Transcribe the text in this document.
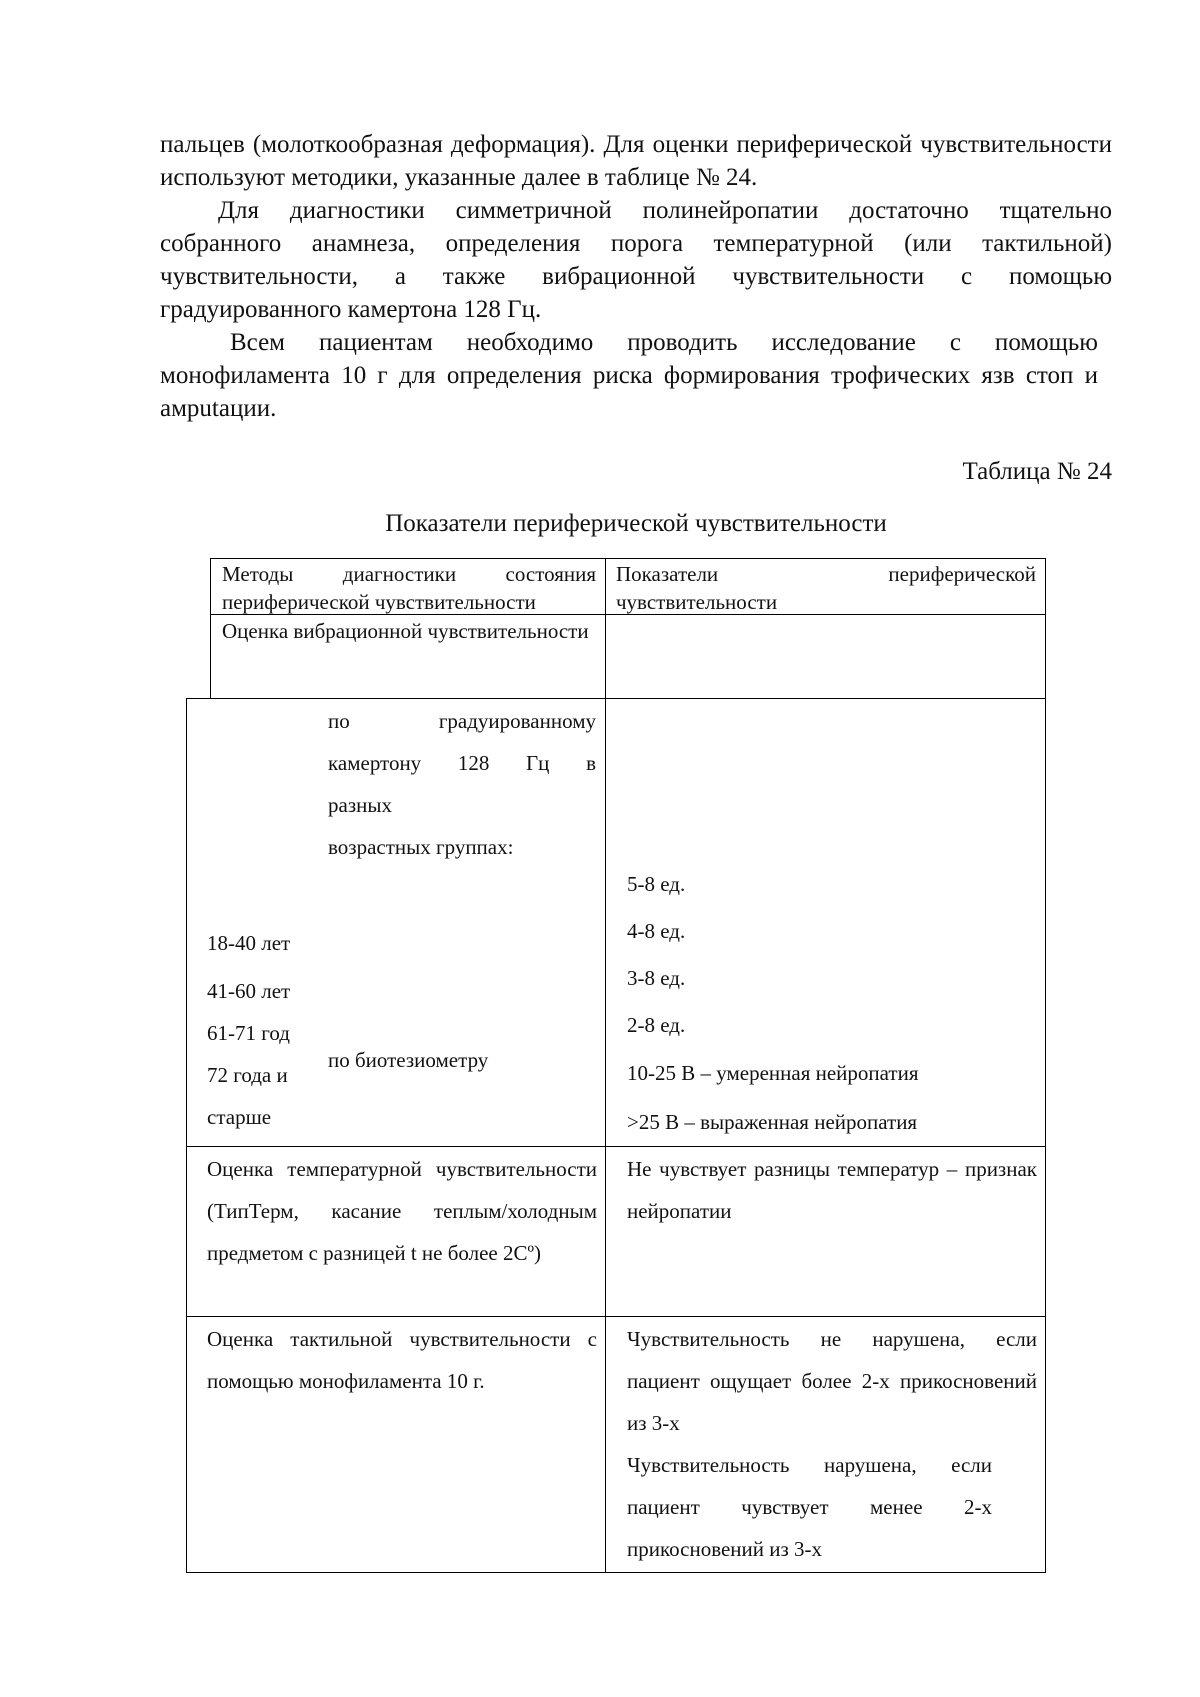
пальцев (молоткообразная деформация). Для оценки периферической чувствительности используют методики, указанные далее в таблице № 24.

Для диагностики симметричной полинейропатии достаточно тщательно собранного анамнеза, определения порога температурной (или тактильной) чувствительности, а также вибрационной чувствительности с помощью градуированного камертона 128 Гц.

Всем пациентам необходимо проводить исследование с помощью монофиламента 10 г для определения риска формирования трофических язв стоп и амputации.

Таблица № 24
Показатели периферической чувствительности
Методы диагностики состояния периферической чувствительности
Показатели периферической чувствительности
Оценка вибрационной чувствительности
по градуированному
камертону 128 Гц в
разных
возрастных группах:
18-40 лет
41-60 лет
61-71 год
72 года и
старше
по биотезиометру
5-8 ед.
4-8 ед.
3-8 ед.
2-8 ед.
10-25 В – умеренная нейропатия
>25 В – выраженная нейропатия
Оценка температурной чувствительности (ТипТерм, касание теплым/холодным предметом с разницей t не более 2Сº)
Не чувствует разницы температур – признак нейропатии
Оценка тактильной чувствительности с помощью монофиламента 10 г.
Чувствительность не нарушена, если пациент ощущает более 2-х прикосновений из 3-х
Чувствительность нарушена, если пациент чувствует менее 2-х прикосновений из 3-х
